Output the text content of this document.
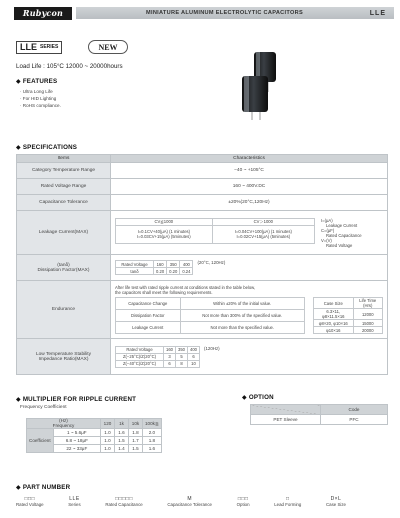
Rubycon	MINIATURE ALUMINUM ELECTROLYTIC CAPACITORS	LLE
LLE SERIES	NEW
Load Life : 105°C 12000 ~ 20000hours
◆ FEATURES
· Ultra Long Life
· For HID Lighting
· RoHS compliance.
◆ SPECIFICATIONS
Items	Characteristics
Category Temperature Range	−40 ~ +105°C
Rated Voltage Range	160 ~ 400V.DC
Capacitance Tolerance	±20%(20°C,120Hz)
Leakage Current(MAX)	
CV≦1000	CV＞1000

I=0.1CV+40(μA) (1 minutes)
I=0.03CV+15(μA) (5minutes)

I=0.04CV+100(μA) (1 minutes)
I=0.02CV+15(μA) (5minutes)
I=(μA)
Leakage Current
C=(μF)
Rated Capacitance
V=(V)
Rated Voltage

(tanδ)
Dissipation Factor(MAX)

Rated Voltage	160	350	400
tanδ	0.20	0.20	0.24
(20°C, 120Hz)

Endurance	
After life test with rated ripple current at conditions stated in the table below,
the capacitors shall meet the following requirements.
Capacitance Change	Within ±20% of the initial value.
Dissipation Factor	Not more than 300% of the specified value.
Leakage Current	Not more than the specified value.
Case Size	Life Time (Hrs)
6.3×11, φ8×11.5×16	12000
φ8×20, φ10×16	15000
φ10×16	20000

Low Temperature Stability
Impedance Ratio(MAX)

Rated Voltage	160	350	400
Z(−25°C)/Z(20°C)	3	5	6
Z(−40°C)/Z(20°C)	6	8	10
(120Hz)
◆ MULTIPLIER FOR RIPPLE CURRENT
Frequency Coefficient
(Hz)
Frequency		120	1k	10k	100k≧
Coefficient	1 ~ 5.6μF	1.0	1.6	1.8	2.0
	6.8 ~ 18μF	1.0	1.5	1.7	1.8
	22 ~ 33μF	1.0	1.4	1.5	1.6
◆ OPTION
	Code
PET Sleeve	PFC
◆ PART NUMBER
□□□
Rated Voltage
LLE
Series
□□□□□
Rated Capacitance
M
Capacitance Tolerance
□□□
Option
□
Lead Forming
D×L
Case Size
